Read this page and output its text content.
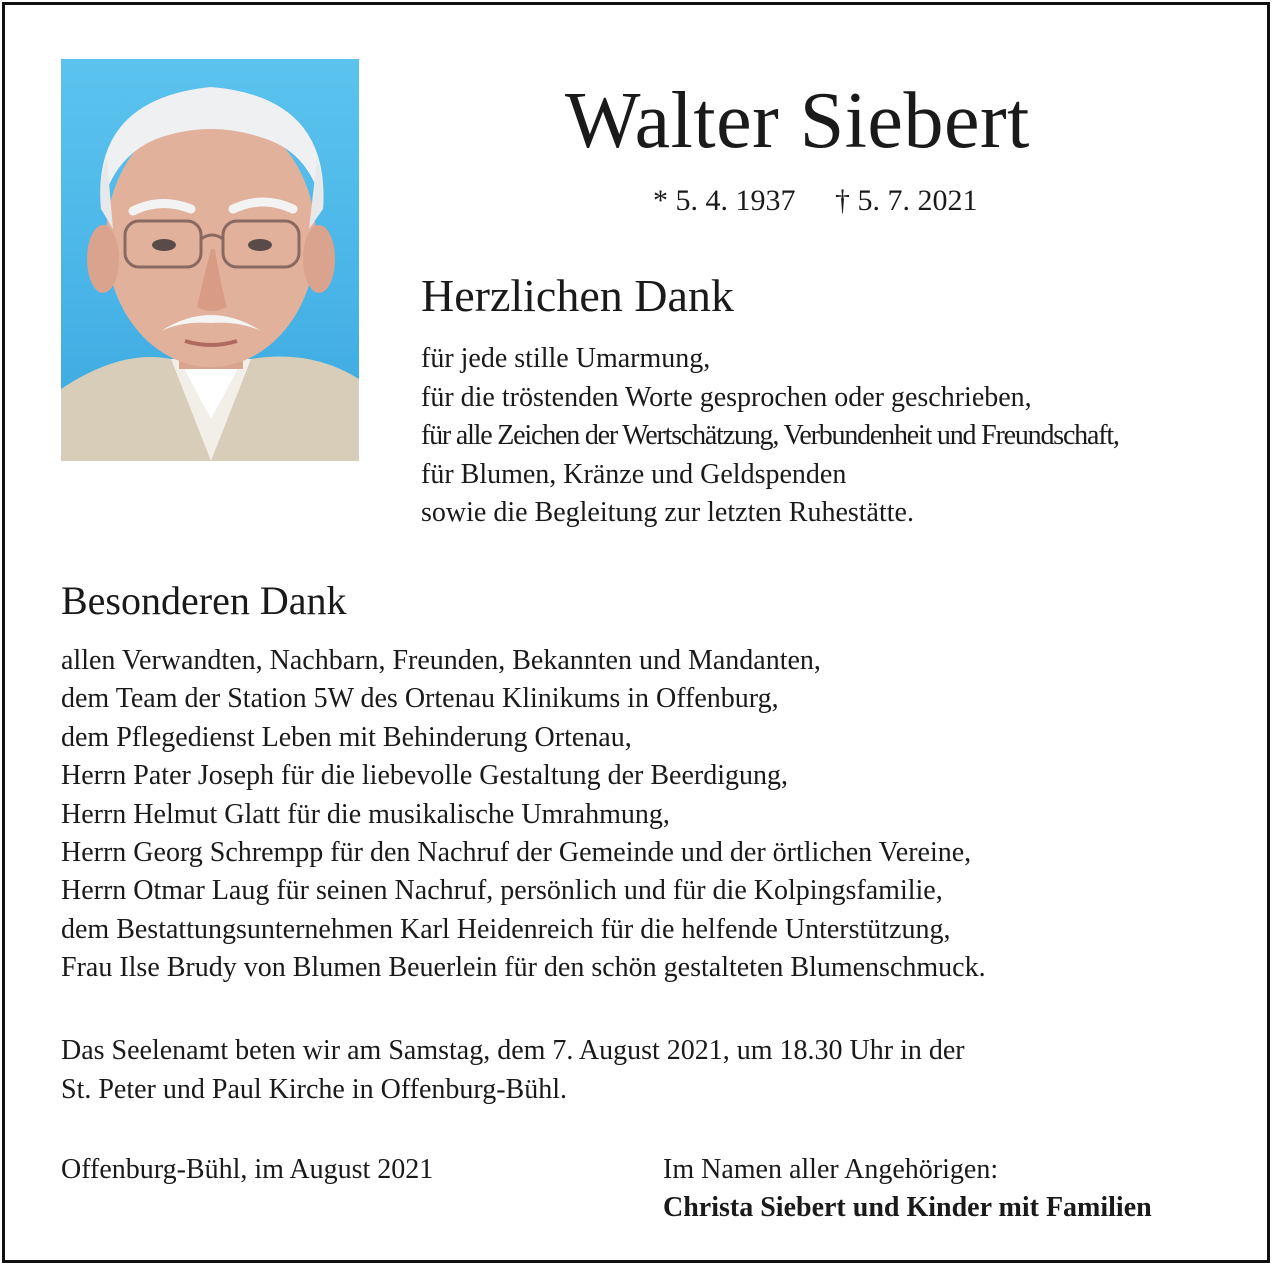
Walter Siebert
* 5. 4. 1937 † 5. 7. 2021
Herzlichen Dank
für jede stille Umarmung,
für die tröstenden Worte gesprochen oder geschrieben,
für alle Zeichen der Wertschätzung, Verbundenheit und Freundschaft,
für Blumen, Kränze und Geldspenden
sowie die Begleitung zur letzten Ruhestätte.
Besonderen Dank
allen Verwandten, Nachbarn, Freunden, Bekannten und Mandanten,
dem Team der Station 5W des Ortenau Klinikums in Offenburg,
dem Pflegedienst Leben mit Behinderung Ortenau,
Herrn Pater Joseph für die liebevolle Gestaltung der Beerdigung,
Herrn Helmut Glatt für die musikalische Umrahmung,
Herrn Georg Schrempp für den Nachruf der Gemeinde und der örtlichen Vereine,
Herrn Otmar Laug für seinen Nachruf, persönlich und für die Kolpingsfamilie,
dem Bestattungsunternehmen Karl Heidenreich für die helfende Unterstützung,
Frau Ilse Brudy von Blumen Beuerlein für den schön gestalteten Blumenschmuck.
Das Seelenamt beten wir am Samstag, dem 7. August 2021, um 18.30 Uhr in der
St. Peter und Paul Kirche in Offenburg-Bühl.
Offenburg-Bühl, im August 2021	Im Namen aller Angehörigen:
Christa Siebert und Kinder mit Familien
